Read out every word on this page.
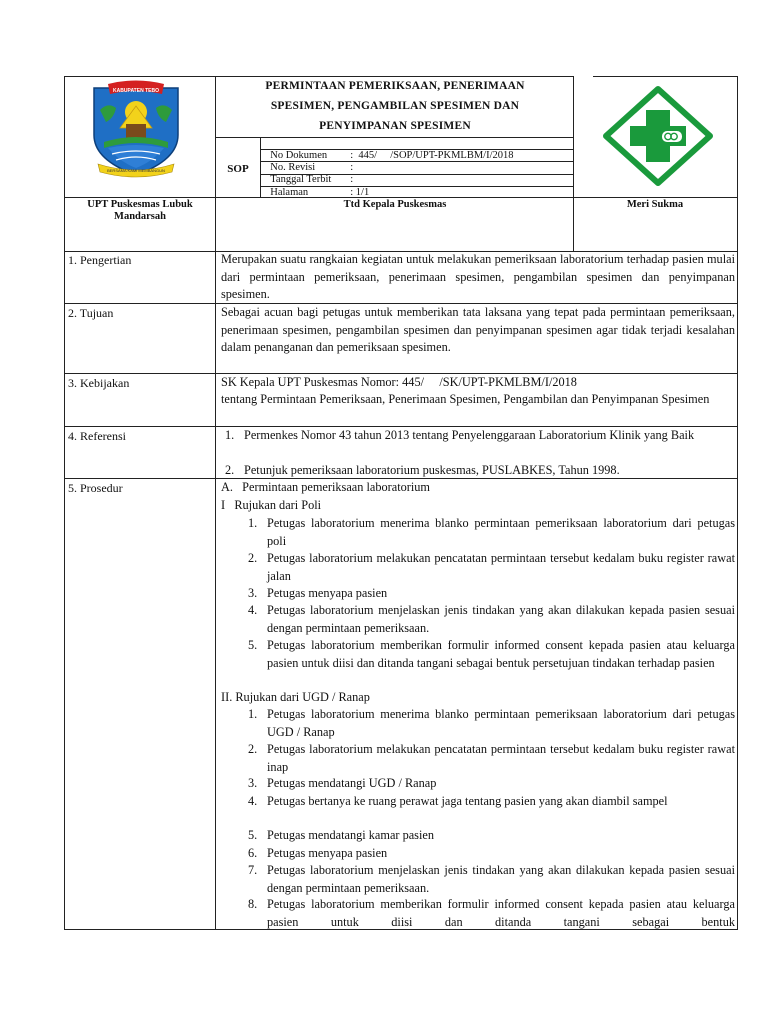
KABUPATEN TEBO
BERSAMA KAMI MEMBANGUN
PERMINTAAN PEMERIKSAAN, PENERIMAAN
SPESIMEN, PENGAMBILAN SPESIMEN DAN
PENYIMPANAN SPESIMEN
SOP

No Dokumen :  445/     /SOP/UPT-PKMLBM/I/2018

No. Revisi	:

Tanggal Terbit :

Halaman	: 1/1

UPT Puskesmas Lubuk Mandarsah
Ttd Kepala Puskesmas	Meri Sukma
1. Pengertian	Merupakan suatu rangkaian kegiatan untuk melakukan pemeriksaan laboratorium terhadap pasien mulai dari permintaan pemeriksaan, penerimaan spesimen, pengambilan spesimen dan penyimpanan spesimen.
2. Tujuan	Sebagai acuan bagi petugas untuk memberikan tata laksana yang tepat pada permintaan pemeriksaan, penerimaan spesimen, pengambilan spesimen dan penyimpanan spesimen agar tidak terjadi kesalahan dalam penanganan dan pemeriksaan spesimen.
3. Kebijakan	SK Kepala UPT Puskesmas Nomor: 445/     /SK/UPT-PKMLBM/I/2018
tentang Permintaan Pemeriksaan, Penerimaan Spesimen, Pengambilan dan Penyimpanan Spesimen
4. Referensi	1. Permenkes Nomor 43 tahun 2013 tentang Penyelenggaraan Laboratorium Klinik yang Baik
2. Petunjuk pemeriksaan laboratorium puskesmas, PUSLABKES, Tahun 1998.
5. Prosedur	A.   Permintaan pemeriksaan laboratorium
I   Rujukan dari Poli
1. Petugas laboratorium menerima blanko permintaan pemeriksaan laboratorium dari petugas poli
2. Petugas laboratorium melakukan pencatatan permintaan tersebut kedalam buku register rawat jalan
3. Petugas menyapa pasien
4. Petugas laboratorium menjelaskan jenis tindakan yang akan dilakukan kepada pasien sesuai dengan permintaan pemeriksaan.
5. Petugas laboratorium memberikan formulir informed consent kepada pasien atau keluarga pasien untuk diisi dan ditanda tangani sebagai bentuk persetujuan tindakan terhadap pasien
II. Rujukan dari UGD / Ranap
1. Petugas laboratorium menerima blanko permintaan pemeriksaan laboratorium dari petugas UGD / Ranap
2. Petugas laboratorium melakukan pencatatan permintaan tersebut kedalam buku register rawat inap
3. Petugas mendatangi UGD / Ranap
4. Petugas bertanya ke ruang perawat jaga tentang pasien yang akan diambil sampel
5. Petugas mendatangi kamar pasien
6. Petugas menyapa pasien
7. Petugas laboratorium menjelaskan jenis tindakan yang akan dilakukan kepada pasien sesuai dengan permintaan pemeriksaan.
8. Petugas laboratorium memberikan formulir informed consent kepada pasien atau keluarga pasien untuk diisi dan ditanda tangani sebagai bentuk
